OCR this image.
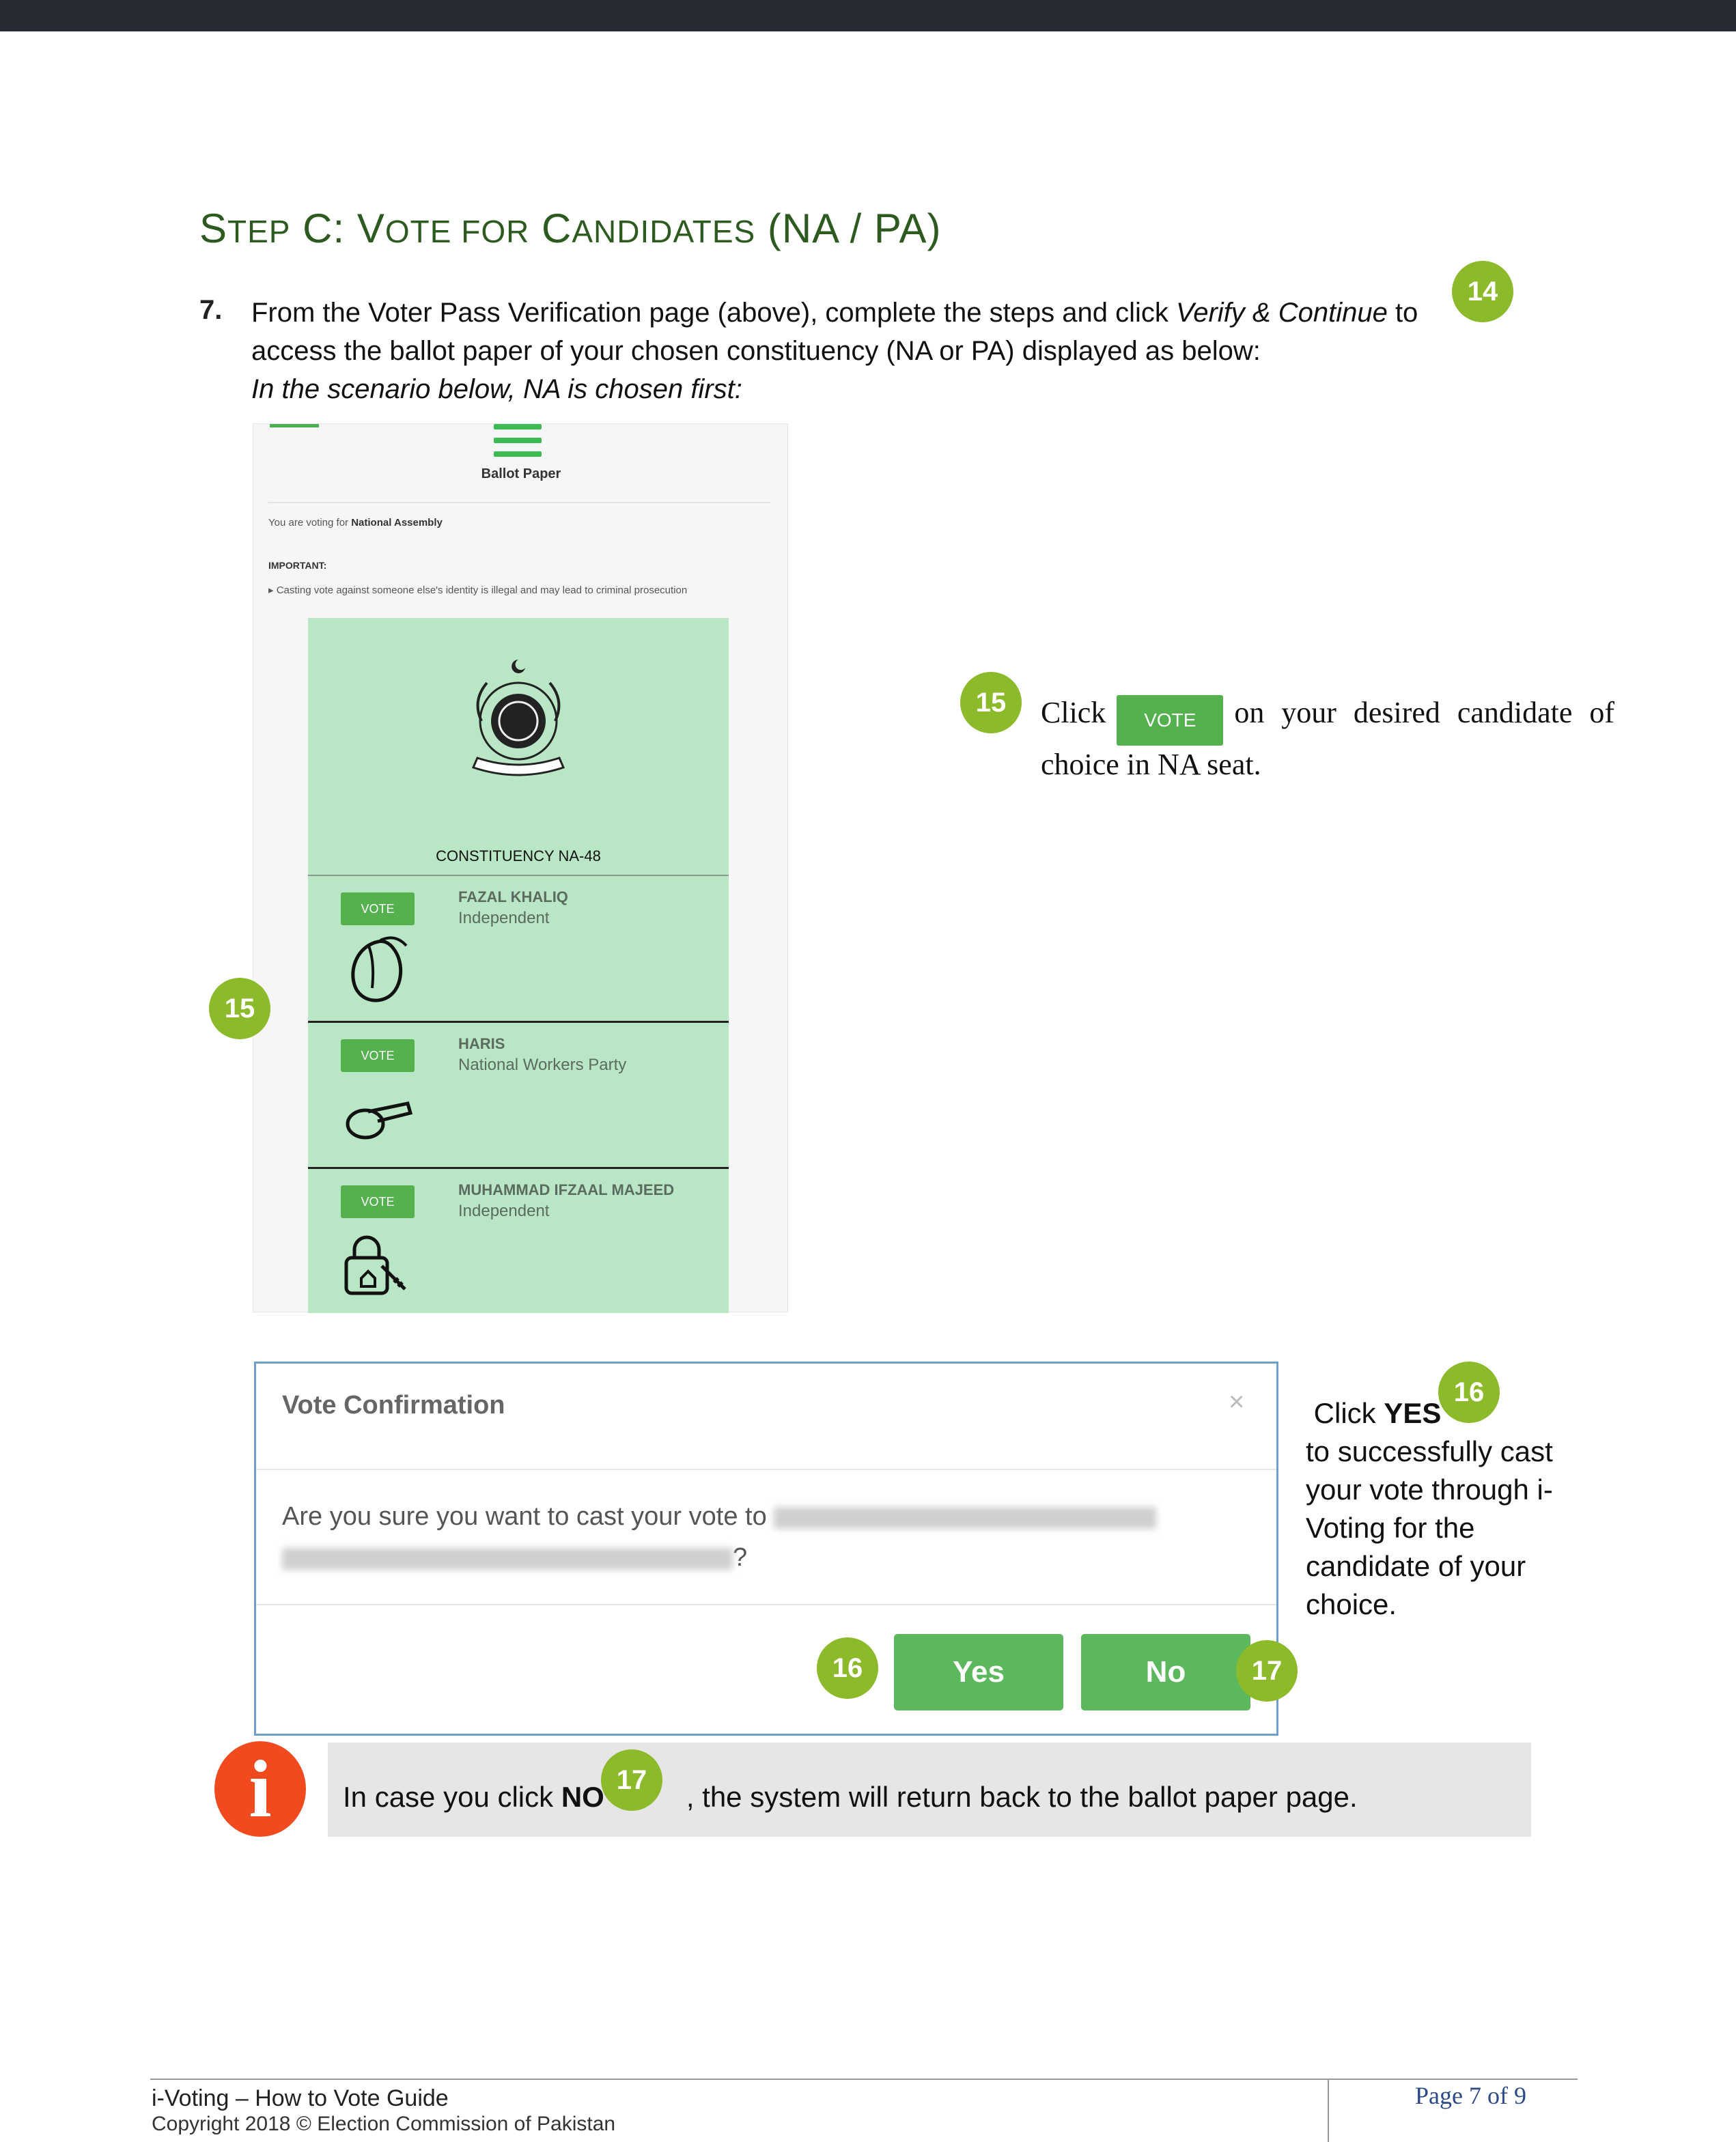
STEP C: VOTE FOR CANDIDATES (NA / PA)
7. From the Voter Pass Verification page (above), complete the steps and click Verify & Continue to access the ballot paper of your chosen constituency (NA or PA) displayed as below:
In the scenario below, NA is chosen first:
14
Ballot Paper
You are voting for National Assembly
IMPORTANT:
▸ Casting vote against someone else's identity is illegal and may lead to criminal prosecution
CONSTITUENCY NA-48
VOTE
FAZAL KHALIQ
Independent
VOTE
HARIS
National Workers Party
VOTE
MUHAMMAD IFZAAL MAJEED
Independent
15
15	Click VOTE on your desired candidate of choice in NA seat.
Vote Confirmation	×
Are you sure you want to cast your vote to
?
Yes	No
16	17
16
Click YES
to successfully cast your vote through i-Voting for the candidate of your choice.
i	In case you click NO	, the system will return back to the ballot paper page.
17
i-Voting – How to Vote Guide
Copyright 2018 © Election Commission of Pakistan
Page 7 of 9
